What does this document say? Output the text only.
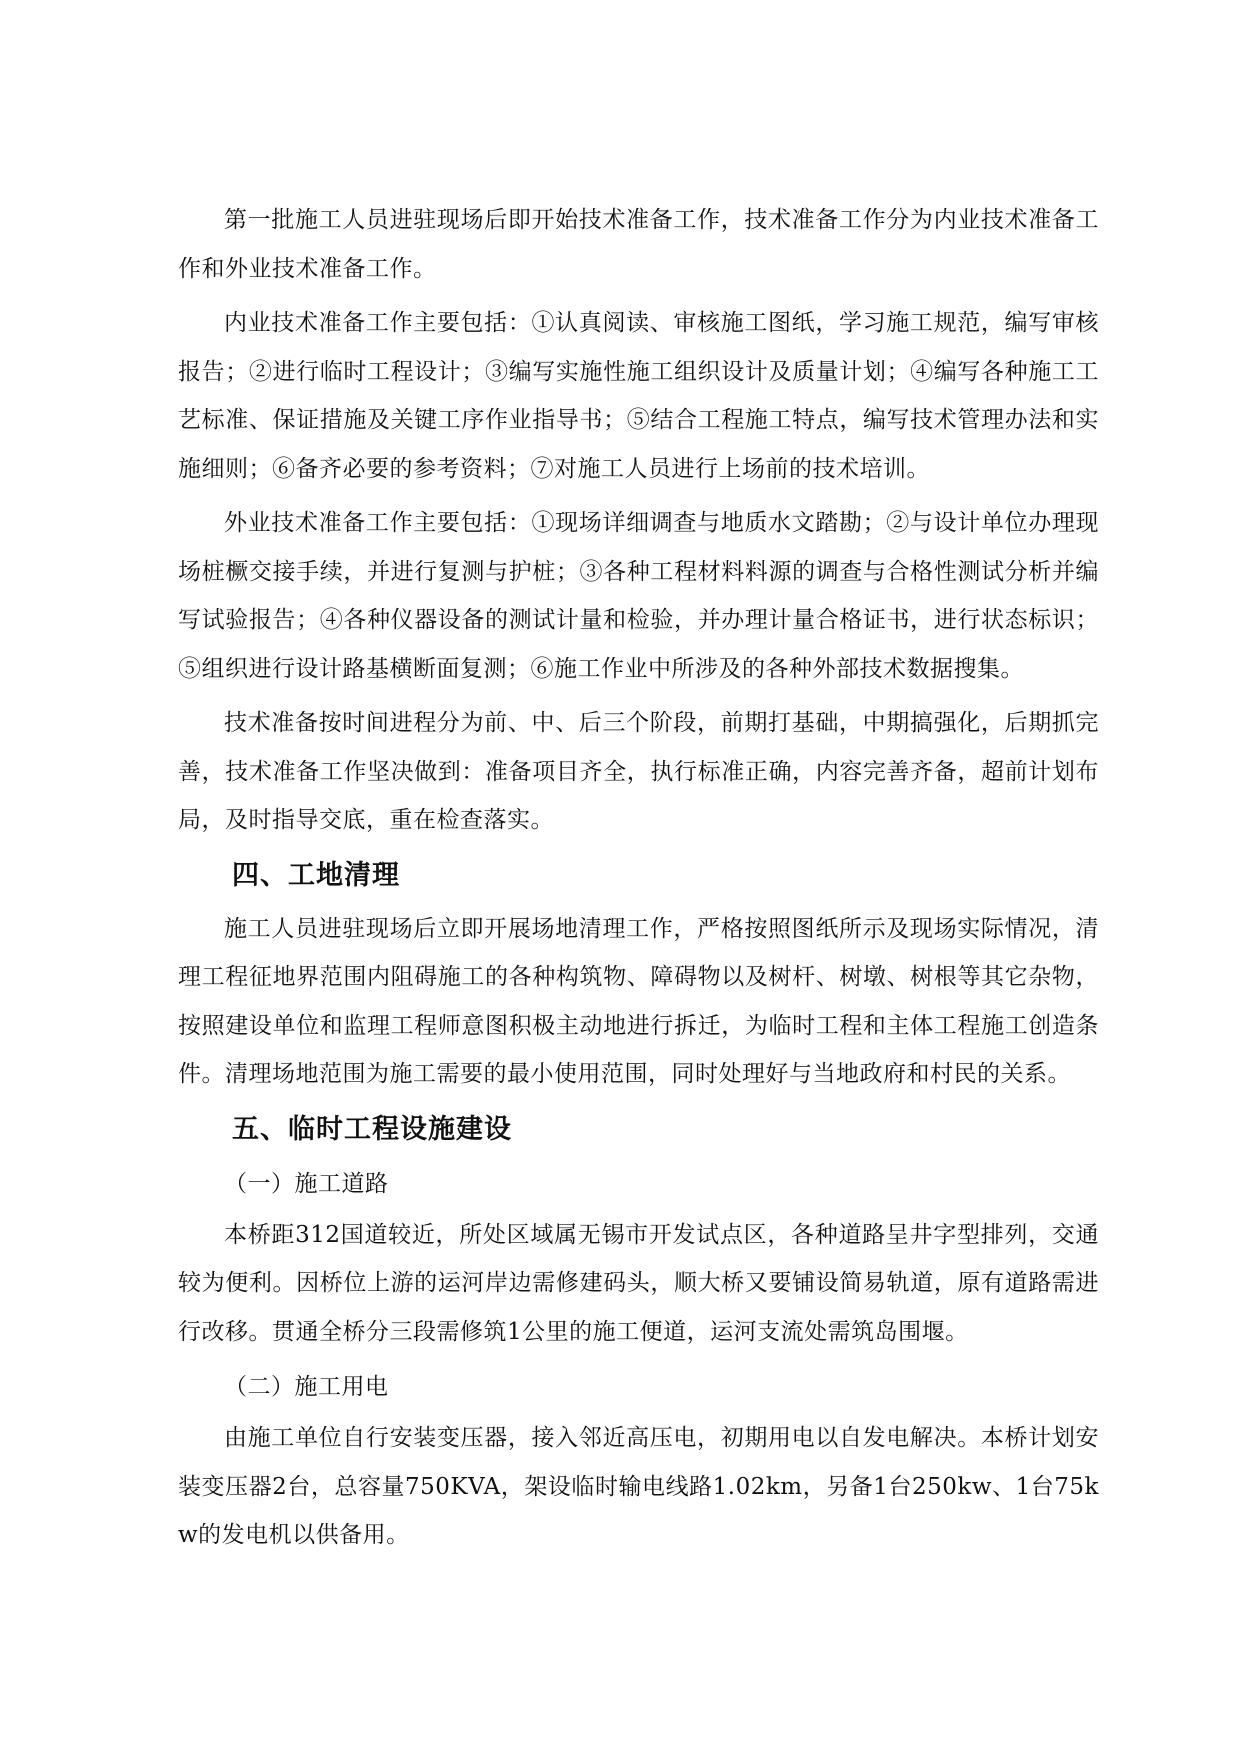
第一批施工人员进驻现场后即开始技术准备工作，技术准备工作分为内业技术准备工作和外业技术准备工作。

内业技术准备工作主要包括：①认真阅读、审核施工图纸，学习施工规范，编写审核报告；②进行临时工程设计；③编写实施性施工组织设计及质量计划；④编写各种施工工艺标准、保证措施及关键工序作业指导书；⑤结合工程施工特点，编写技术管理办法和实施细则；⑥备齐必要的参考资料；⑦对施工人员进行上场前的技术培训。

外业技术准备工作主要包括：①现场详细调查与地质水文踏勘；②与设计单位办理现场桩橛交接手续，并进行复测与护桩；③各种工程材料料源的调查与合格性测试分析并编写试验报告；④各种仪器设备的测试计量和检验，并办理计量合格证书，进行状态标识；⑤组织进行设计路基横断面复测；⑥施工作业中所涉及的各种外部技术数据搜集。

技术准备按时间进程分为前、中、后三个阶段，前期打基础，中期搞强化，后期抓完善，技术准备工作坚决做到：准备项目齐全，执行标准正确，内容完善齐备，超前计划布局，及时指导交底，重在检查落实。

四、工地清理

施工人员进驻现场后立即开展场地清理工作，严格按照图纸所示及现场实际情况，清理工程征地界范围内阻碍施工的各种构筑物、障碍物以及树杆、树墩、树根等其它杂物，按照建设单位和监理工程师意图积极主动地进行拆迁，为临时工程和主体工程施工创造条件。清理场地范围为施工需要的最小使用范围，同时处理好与当地政府和村民的关系。

五、临时工程设施建设
（一）施工道路

本桥距312国道较近，所处区域属无锡市开发试点区，各种道路呈井字型排列，交通较为便利。因桥位上游的运河岸边需修建码头，顺大桥又要铺设简易轨道，原有道路需进行改移。贯通全桥分三段需修筑1公里的施工便道，运河支流处需筑岛围堰。

（二）施工用电

由施工单位自行安装变压器，接入邻近高压电，初期用电以自发电解决。本桥计划安装变压器2台，总容量750KVA，架设临时输电线路1.02km，另备1台250kw、1台75kw的发电机以供备用。
